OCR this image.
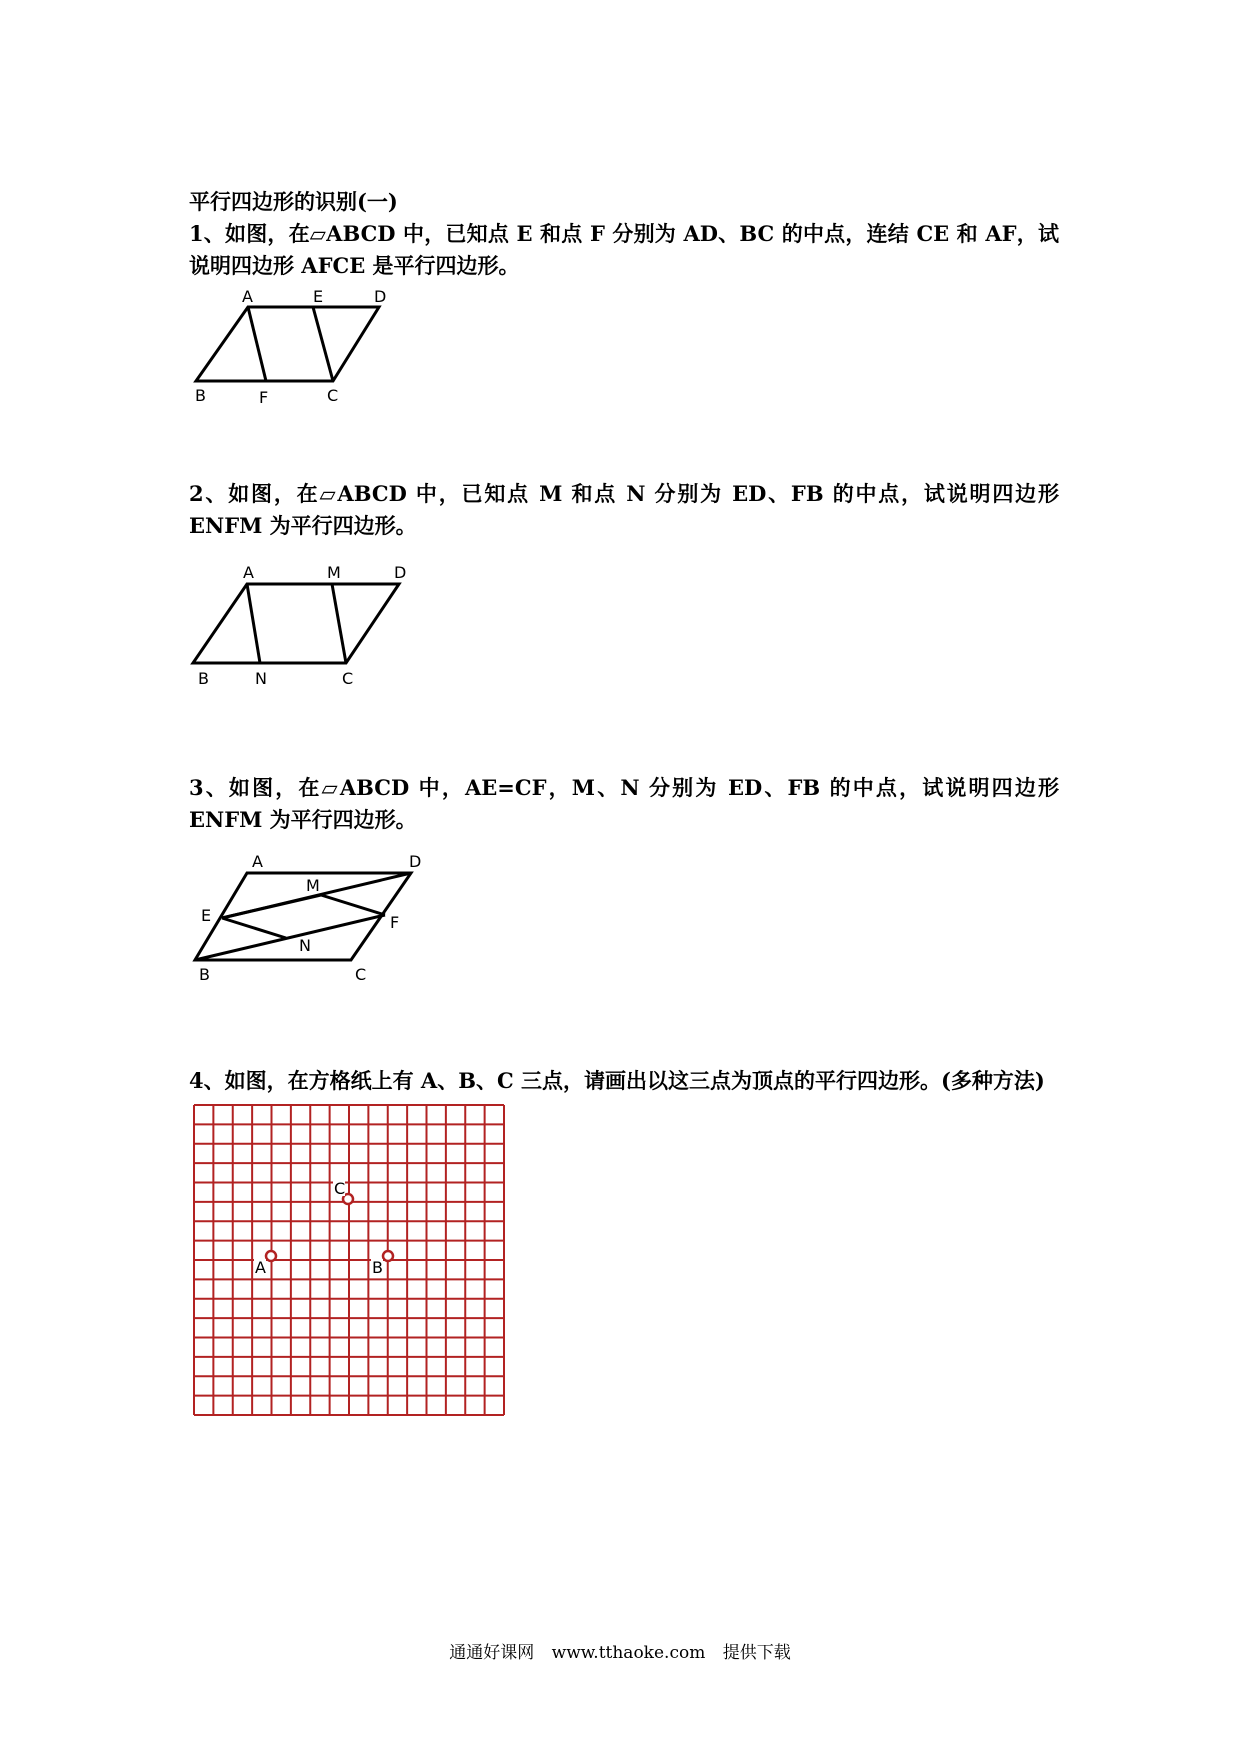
平行四边形的识别(一)
1、如图，在▱ABCD 中，已知点 E 和点 F 分别为 AD、BC 的中点，连结 CE 和 AF，试说明四边形 AFCE 是平行四边形。
A	E	D
B	F	C
2、如图，在▱ABCD 中，已知点 M 和点 N 分别为 ED、FB 的中点，试说明四边形 ENFM 为平行四边形。
A	M	D
B	N	C
3、如图，在▱ABCD 中，AE=CF，M、N 分别为 ED、FB 的中点，试说明四边形 ENFM 为平行四边形。
A
M
D
E	F
B
N
C
4、如图，在方格纸上有 A、B、C 三点，请画出以这三点为顶点的平行四边形。(多种方法)
C
A	B
通通好课网 www.tthaoke.com 提供下载
